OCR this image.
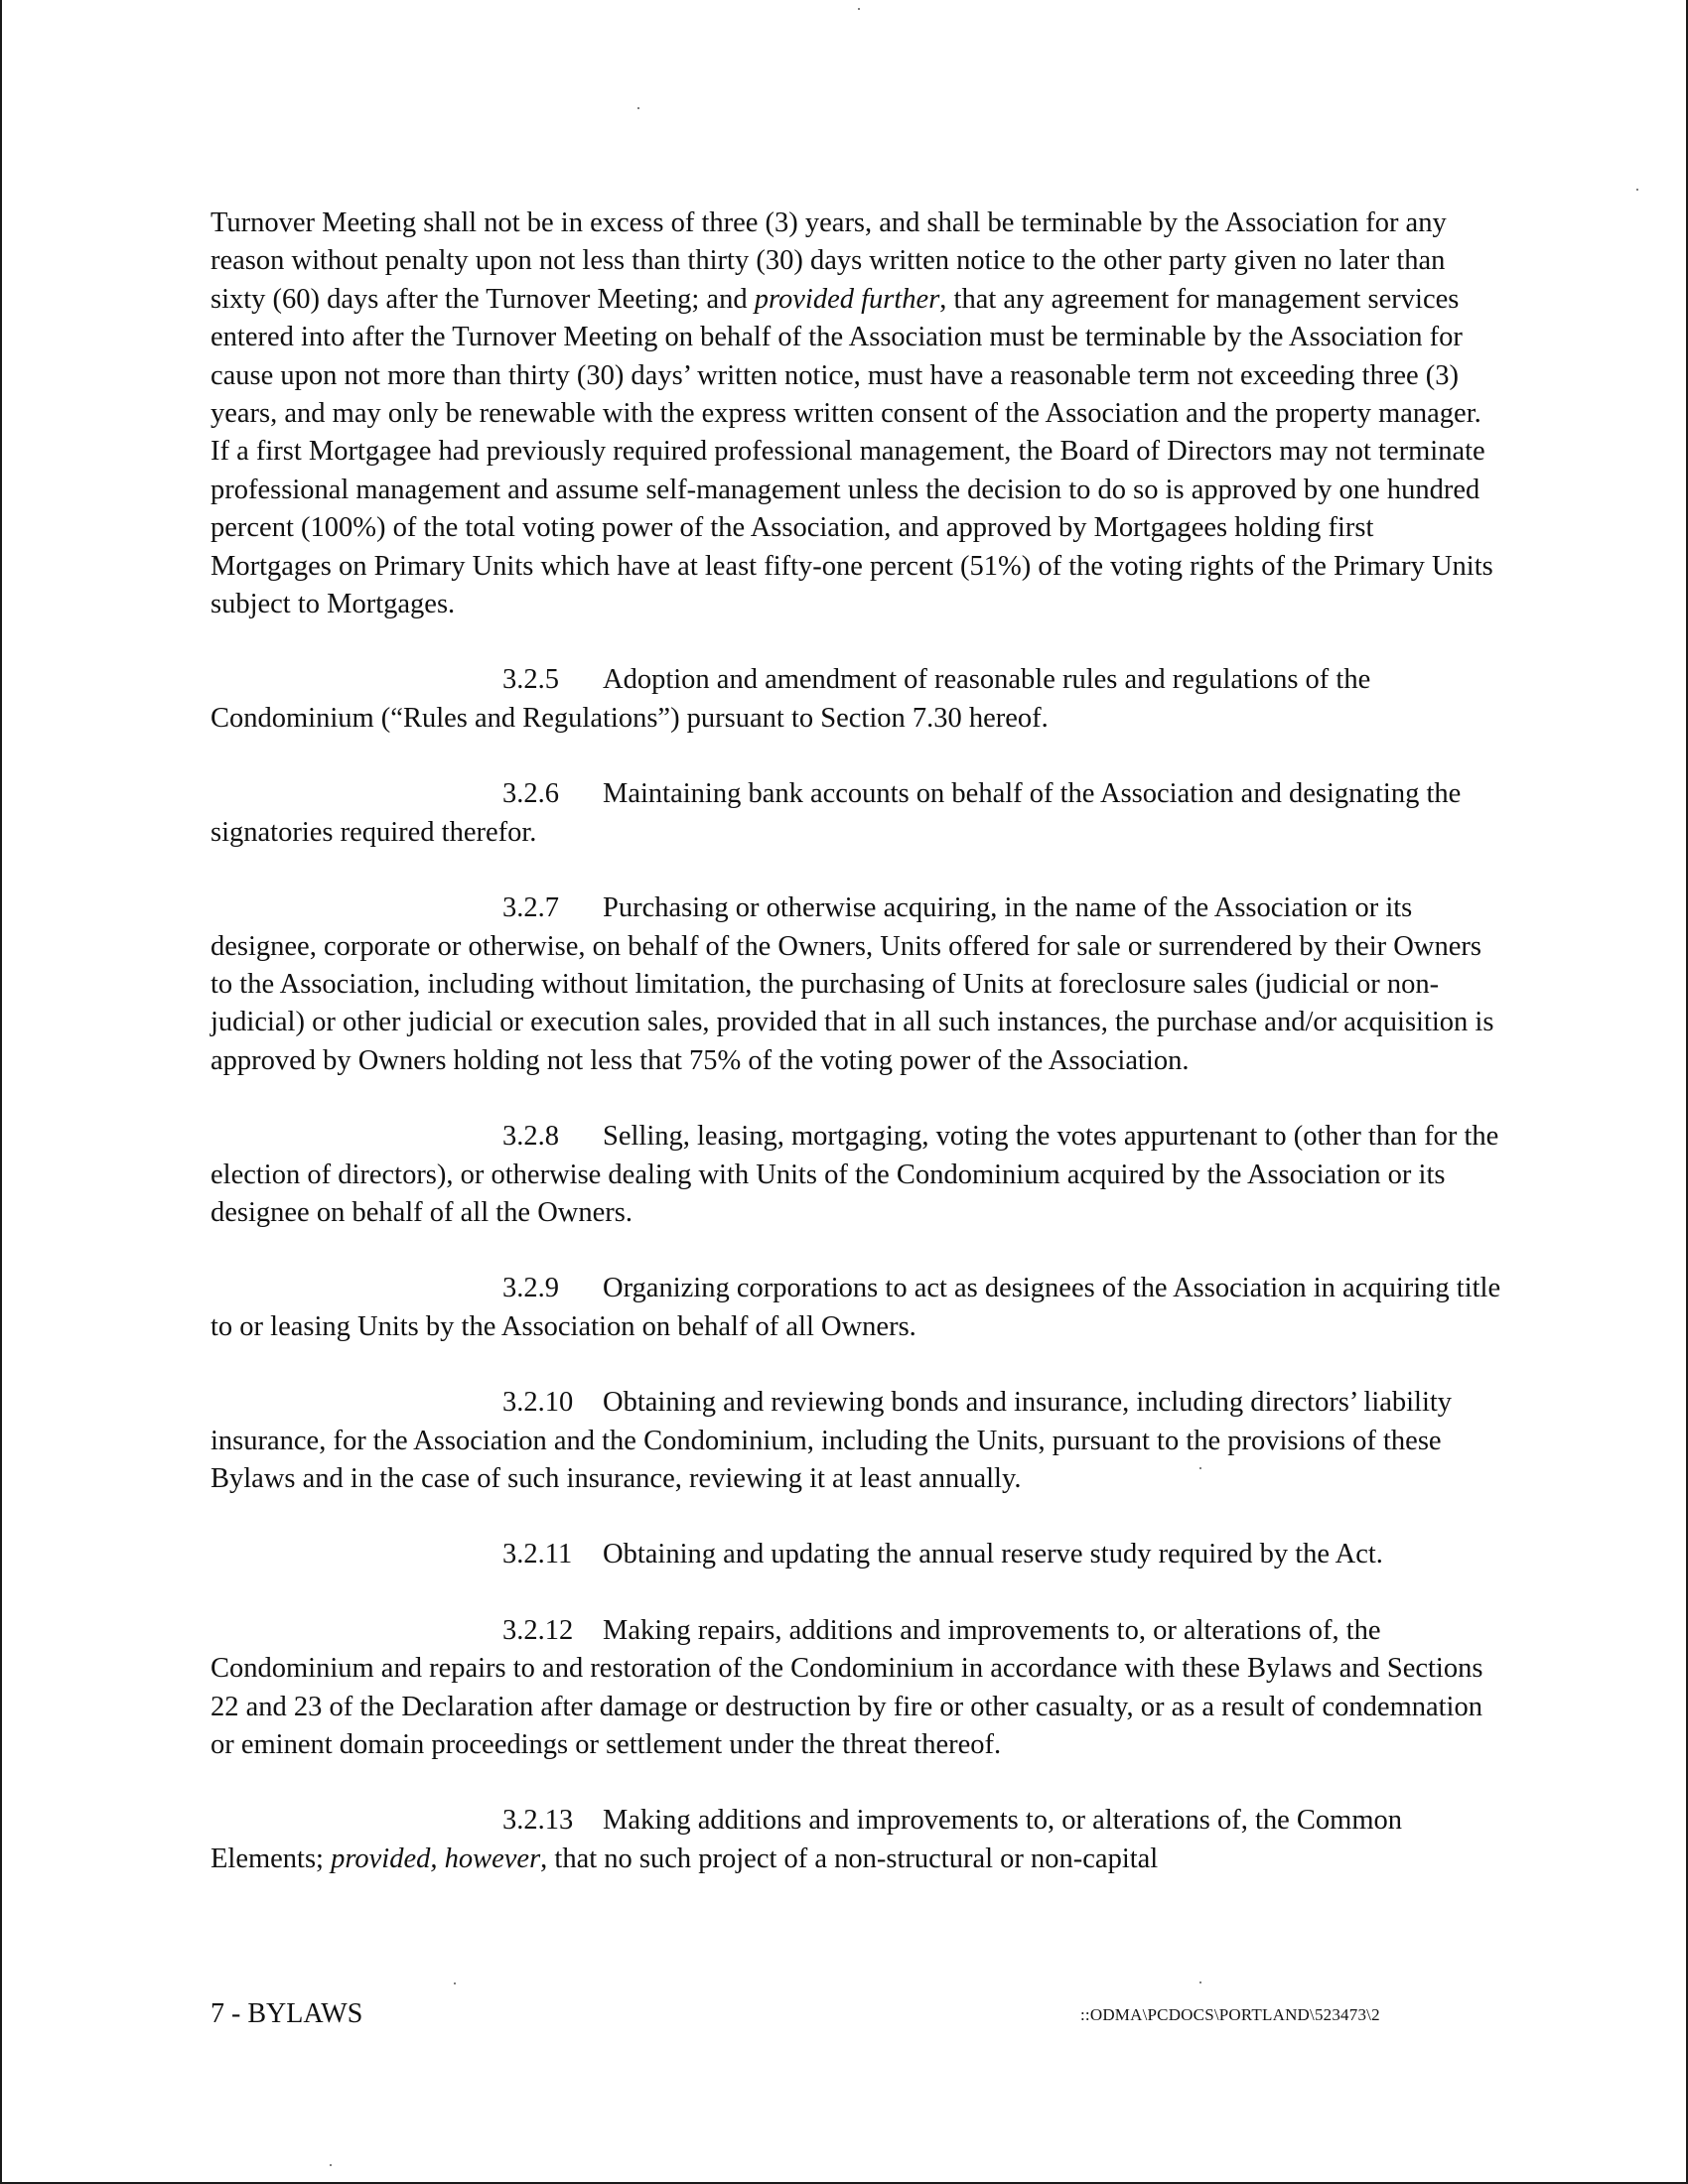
Turnover Meeting shall not be in excess of three (3) years, and shall be terminable by the Association for any reason without penalty upon not less than thirty (30) days written notice to the other party given no later than sixty (60) days after the Turnover Meeting; and provided further, that any agreement for management services entered into after the Turnover Meeting on behalf of the Association must be terminable by the Association for cause upon not more than thirty (30) days’ written notice, must have a reasonable term not exceeding three (3) years, and may only be renewable with the express written consent of the Association and the property manager. If a first Mortgagee had previously required professional management, the Board of Directors may not terminate professional management and assume self-management unless the decision to do so is approved by one hundred percent (100%) of the total voting power of the Association, and approved by Mortgagees holding first Mortgages on Primary Units which have at least fifty-one percent (51%) of the voting rights of the Primary Units subject to Mortgages.

3.2.5 Adoption and amendment of reasonable rules and regulations of the Condominium (“Rules and Regulations”) pursuant to Section 7.30 hereof.

3.2.6 Maintaining bank accounts on behalf of the Association and designating the signatories required therefor.

3.2.7 Purchasing or otherwise acquiring, in the name of the Association or its designee, corporate or otherwise, on behalf of the Owners, Units offered for sale or surrendered by their Owners to the Association, including without limitation, the purchasing of Units at foreclosure sales (judicial or non-judicial) or other judicial or execution sales, provided that in all such instances, the purchase and/or acquisition is approved by Owners holding not less that 75% of the voting power of the Association.

3.2.8 Selling, leasing, mortgaging, voting the votes appurtenant to (other than for the election of directors), or otherwise dealing with Units of the Condominium acquired by the Association or its designee on behalf of all the Owners.

3.2.9 Organizing corporations to act as designees of the Association in acquiring title to or leasing Units by the Association on behalf of all Owners.

3.2.10 Obtaining and reviewing bonds and insurance, including directors’ liability insurance, for the Association and the Condominium, including the Units, pursuant to the provisions of these Bylaws and in the case of such insurance, reviewing it at least annually.

3.2.11 Obtaining and updating the annual reserve study required by the Act.

3.2.12 Making repairs, additions and improvements to, or alterations of, the Condominium and repairs to and restoration of the Condominium in accordance with these Bylaws and Sections 22 and 23 of the Declaration after damage or destruction by fire or other casualty, or as a result of condemnation or eminent domain proceedings or settlement under the threat thereof.

3.2.13 Making additions and improvements to, or alterations of, the Common Elements; provided, however, that no such project of a non-structural or non-capital

7 - BYLAWS	::ODMA\PCDOCS\PORTLAND\523473\2
